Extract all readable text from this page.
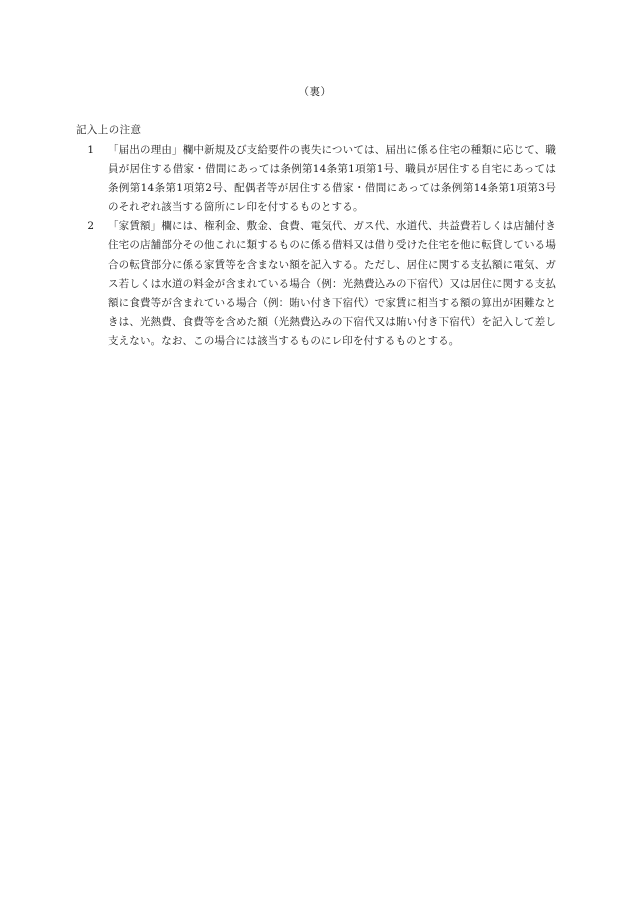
（裏）
記入上の注意
1	「届出の理由」欄中新規及び支給要件の喪失については、届出に係る住宅の種類に応じて、職員が居住する借家・借間にあっては条例第14条第1項第1号、職員が居住する自宅にあっては条例第14条第1項第2号、配偶者等が居住する借家・借間にあっては条例第14条第1項第3号のそれぞれ該当する箇所にレ印を付するものとする。
2	「家賃額」欄には、権利金、敷金、食費、電気代、ガス代、水道代、共益費若しくは店舗付き住宅の店舗部分その他これに類するものに係る借料又は借り受けた住宅を他に転貸している場合の転貸部分に係る家賃等を含まない額を記入する。ただし、居住に関する支払額に電気、ガス若しくは水道の料金が含まれている場合（例：光熱費込みの下宿代）又は居住に関する支払額に食費等が含まれている場合（例：賄い付き下宿代）で家賃に相当する額の算出が困難なときは、光熱費、食費等を含めた額（光熱費込みの下宿代又は賄い付き下宿代）を記入して差し支えない。なお、この場合には該当するものにレ印を付するものとする。
